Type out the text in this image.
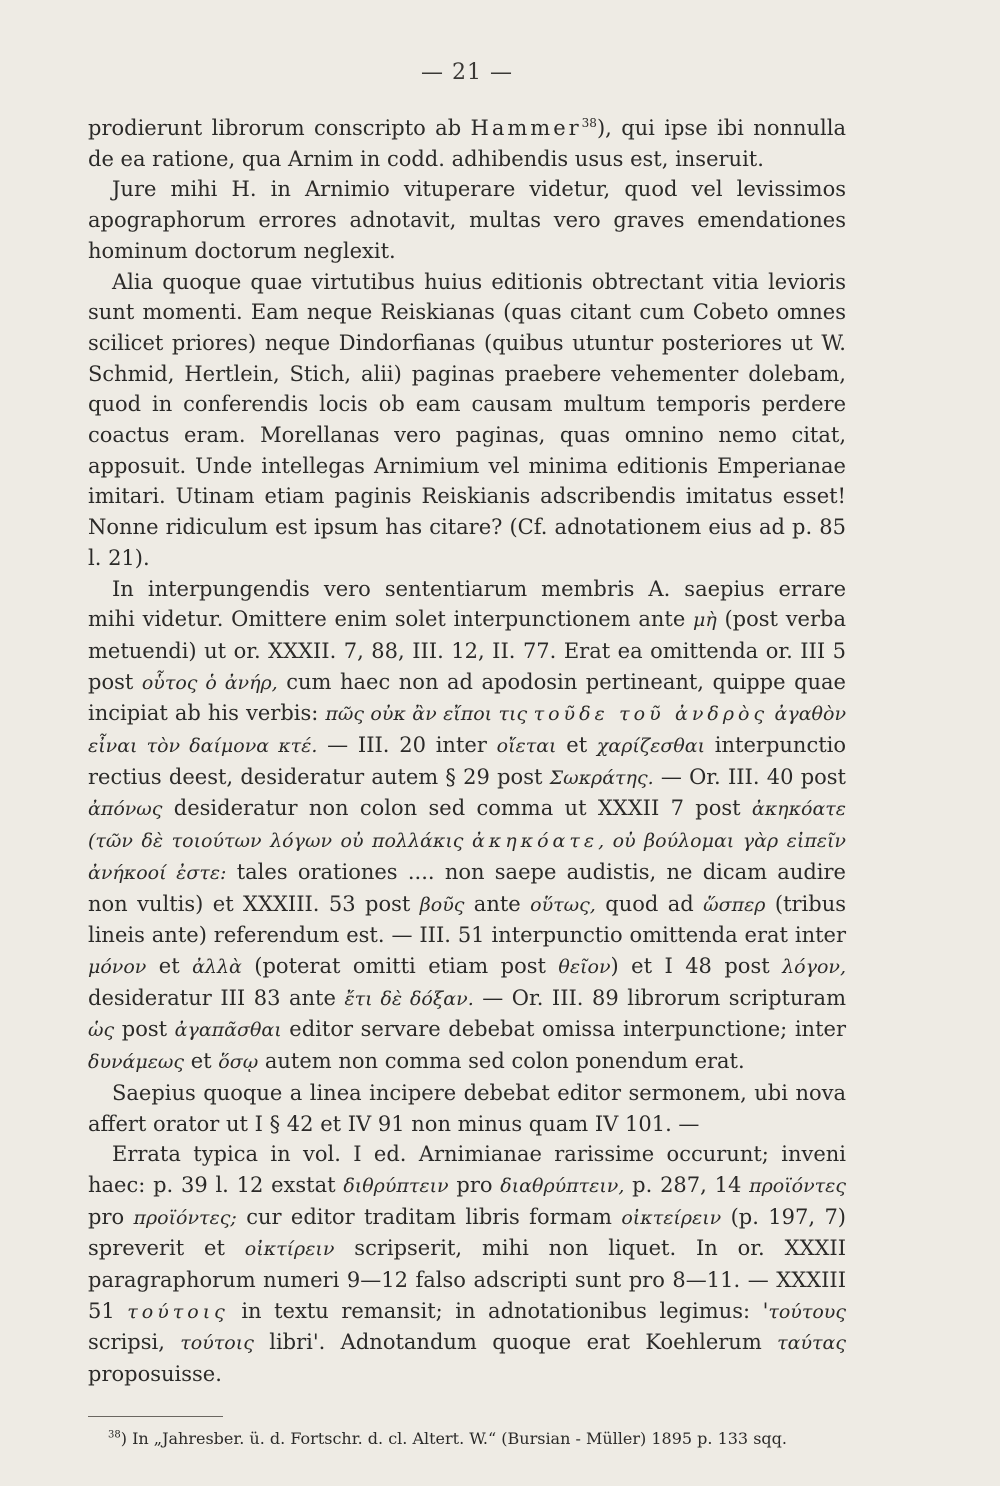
— 21 —

prodierunt librorum conscripto ab Hammer$^{38}$), qui ipse ibi nonnulla de ea ratione, qua Arnim in codd. adhibendis usus est, inseruit.

Jure mihi H. in Arnimio vituperare videtur, quod vel levissimos apographorum errores adnotavit, multas vero graves emendationes hominum doctorum neglexit.

Alia quoque quae virtutibus huius editionis obtrectant vitia levioris sunt momenti. Eam neque Reiskianas (quas citant cum Cobeto omnes scilicet priores) neque Dindorfianas (quibus utuntur posteriores ut W. Schmid, Hertlein, Stich, alii) paginas praebere vehementer dolebam, quod in conferendis locis ob eam causam multum temporis perdere coactus eram. Morellanas vero paginas, quas omnino nemo citat, apposuit. Unde intellegas Arnimium vel minima editionis Emperianae imitari. Utinam etiam paginis Reiskianis adscribendis imitatus esset! Nonne ridiculum est ipsum has citare? (Cf. adnotationem eius ad p. 85 l. 21).

In interpungendis vero sententiarum membris A. saepius errare mihi videtur. Omittere enim solet interpunctionem ante μὴ (post verba metuendi) ut or. XXXII. 7, 88, III. 12, II. 77. Erat ea omittenda or. III 5 post οὗτος ὁ ἀνήρ, cum haec non ad apodosin pertineant, quippe quae incipiat ab his verbis: πῶς οὐκ ἂν εἴποι τις τοῦδε τοῦ ἀνδρὸς ἀγαθὸν εἶναι τὸν δαίμονα κτέ. — III. 20 inter οἴεται et χαρίζεσθαι interpunctio rectius deest, desideratur autem § 29 post Σωκράτης. — Or. III. 40 post ἀπόνως desideratur non colon sed comma ut XXXII 7 post ἀκηκόατε (τῶν δὲ τοιούτων λόγων οὐ πολλάκις ἀκηκόατε, οὐ βούλομαι γὰρ εἰπεῖν ἀνήκοοί ἐστε: tales orationes .... non saepe audistis, ne dicam audire non vultis) et XXXIII. 53 post βοῦς ante οὕτως, quod ad ὥσπερ (tribus lineis ante) referendum est. — III. 51 interpunctio omittenda erat inter μόνον et ἀλλὰ (poterat omitti etiam post θεῖον) et I 48 post λόγον, desideratur III 83 ante ἔτι δὲ δόξαν. — Or. III. 89 librorum scripturam ὡς post ἀγαπᾶσθαι editor servare debebat omissa interpunctione; inter δυνάμεως et ὅσῳ autem non comma sed colon ponendum erat.

Saepius quoque a linea incipere debebat editor sermonem, ubi nova affert orator ut I § 42 et IV 91 non minus quam IV 101. —

Errata typica in vol. I ed. Arnimianae rarissime occurunt; inveni haec: p. 39 l. 12 exstat διθρύπτειν pro διαθρύπτειν, p. 287, 14 προϊόντες pro προϊόντες; cur editor traditam libris formam οἰκτείρειν (p. 197, 7) spreverit et οἰκτίρειν scripserit, mihi non liquet. In or. XXXII paragraphorum numeri 9—12 falso adscripti sunt pro 8—11. — XXXIII 51 τούτοις in textu remansit; in adnotationibus legimus: 'τούτους scripsi, τούτοις libri'. Adnotandum quoque erat Koehlerum ταύτας proposuisse.

$^{38}$) In „Jahresber. ü. d. Fortschr. d. cl. Altert. W.“ (Bursian - Müller) 1895 p. 133 sqq.
